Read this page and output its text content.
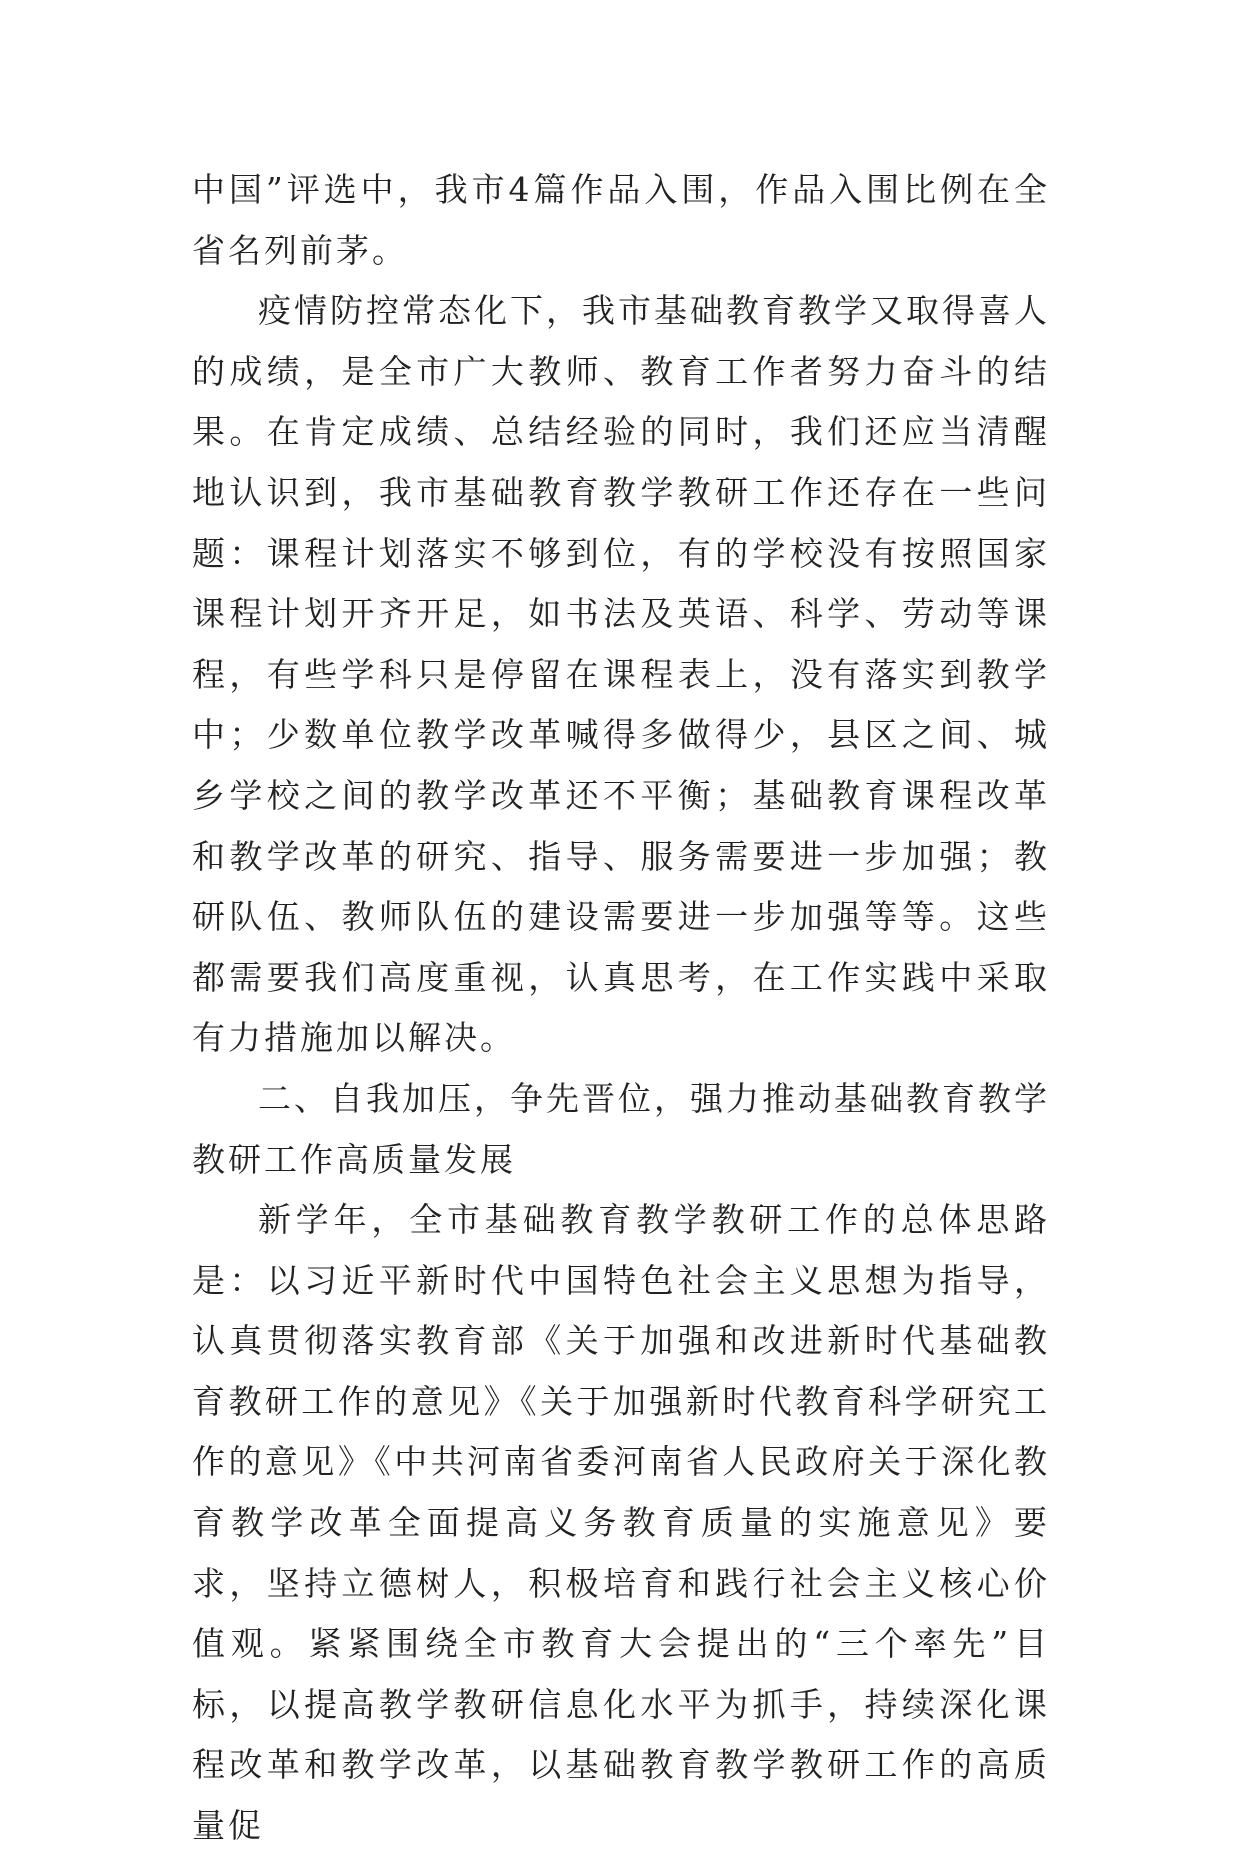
中国”评选中，我市4篇作品入围，作品入围比例在全省名列前茅。

疫情防控常态化下，我市基础教育教学又取得喜人的成绩，是全市广大教师、教育工作者努力奋斗的结果。在肯定成绩、总结经验的同时，我们还应当清醒地认识到，我市基础教育教学教研工作还存在一些问题：课程计划落实不够到位，有的学校没有按照国家课程计划开齐开足，如书法及英语、科学、劳动等课程，有些学科只是停留在课程表上，没有落实到教学中；少数单位教学改革喊得多做得少，县区之间、城乡学校之间的教学改革还不平衡；基础教育课程改革和教学改革的研究、指导、服务需要进一步加强；教研队伍、教师队伍的建设需要进一步加强等等。这些都需要我们高度重视，认真思考，在工作实践中采取有力措施加以解决。

二、自我加压，争先晋位，强力推动基础教育教学教研工作高质量发展

新学年，全市基础教育教学教研工作的总体思路是：以习近平新时代中国特色社会主义思想为指导，认真贯彻落实教育部《关于加强和改进新时代基础教育教研工作的意见》《关于加强新时代教育科学研究工作的意见》《中共河南省委河南省人民政府关于深化教育教学改革全面提高义务教育质量的实施意见》要求，坚持立德树人，积极培育和践行社会主义核心价值观。紧紧围绕全市教育大会提出的“三个率先”目标，以提高教学教研信息化水平为抓手，持续深化课程改革和教学改革，以基础教育教学教研工作的高质量促
